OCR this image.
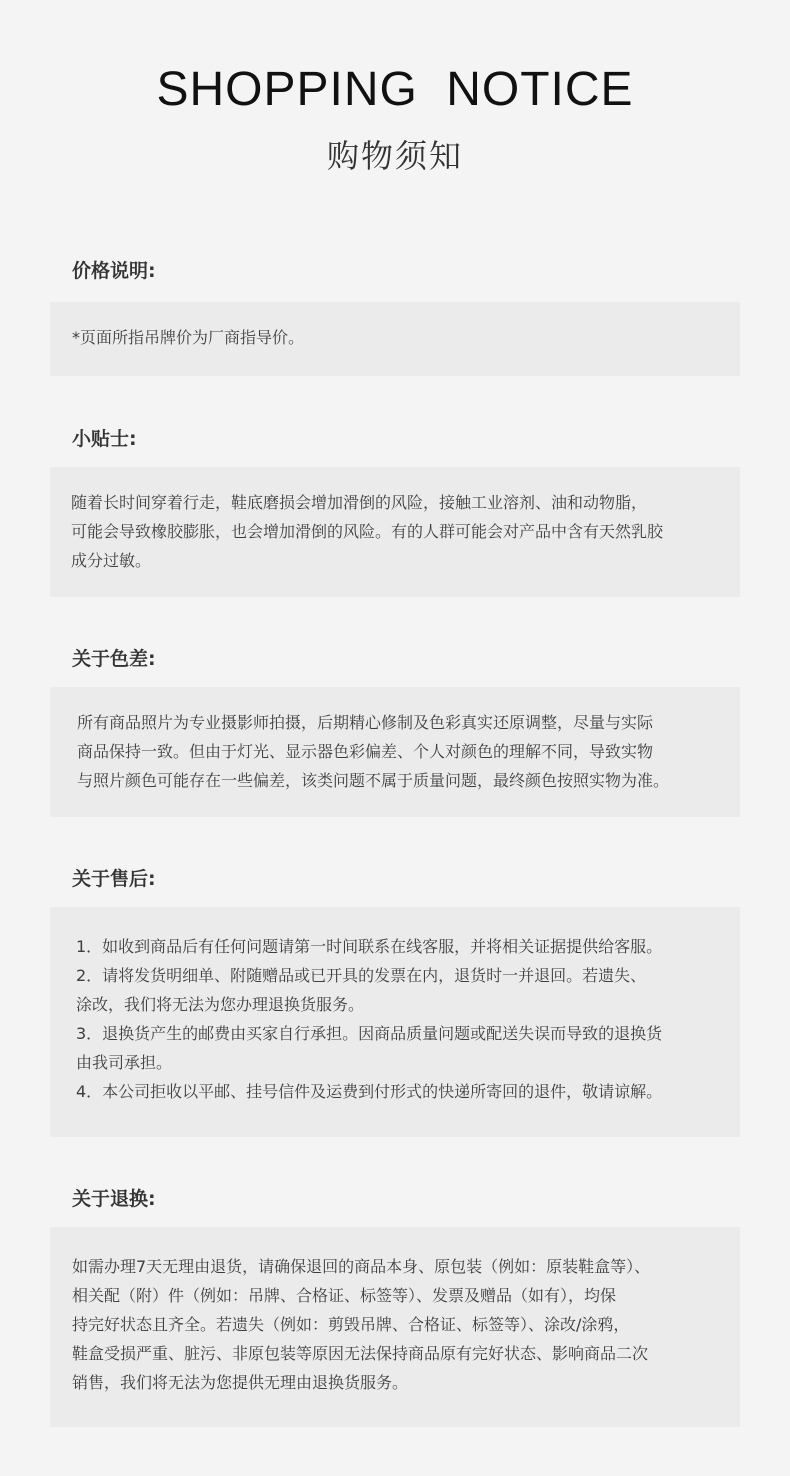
SHOPPING NOTICE
购物须知
价格说明:

*页面所指吊牌价为厂商指导价。

小贴士:

随着长时间穿着行走，鞋底磨损会增加滑倒的风险，接触工业溶剂、油和动物脂，

可能会导致橡胶膨胀，也会增加滑倒的风险。有的人群可能会对产品中含有天然乳胶

成分过敏。

关于色差:

所有商品照片为专业摄影师拍摄，后期精心修制及色彩真实还原调整，尽量与实际

商品保持一致。但由于灯光、显示器色彩偏差、个人对颜色的理解不同，导致实物

与照片颜色可能存在一些偏差，该类问题不属于质量问题，最终颜色按照实物为准。

关于售后:

1．如收到商品后有任何问题请第一时间联系在线客服，并将相关证据提供给客服。

2．请将发货明细单、附随赠品或已开具的发票在内，退货时一并退回。若遗失、

涂改，我们将无法为您办理退换货服务。

3．退换货产生的邮费由买家自行承担。因商品质量问题或配送失误而导致的退换货

由我司承担。

4．本公司拒收以平邮、挂号信件及运费到付形式的快递所寄回的退件，敬请谅解。

关于退换:

如需办理7天无理由退货，请确保退回的商品本身、原包装（例如：原装鞋盒等）、

相关配（附）件（例如：吊牌、合格证、标签等）、发票及赠品（如有），均保

持完好状态且齐全。若遗失（例如：剪毁吊牌、合格证、标签等）、涂改/涂鸦，

鞋盒受损严重、脏污、非原包装等原因无法保持商品原有完好状态、影响商品二次

销售，我们将无法为您提供无理由退换货服务。
